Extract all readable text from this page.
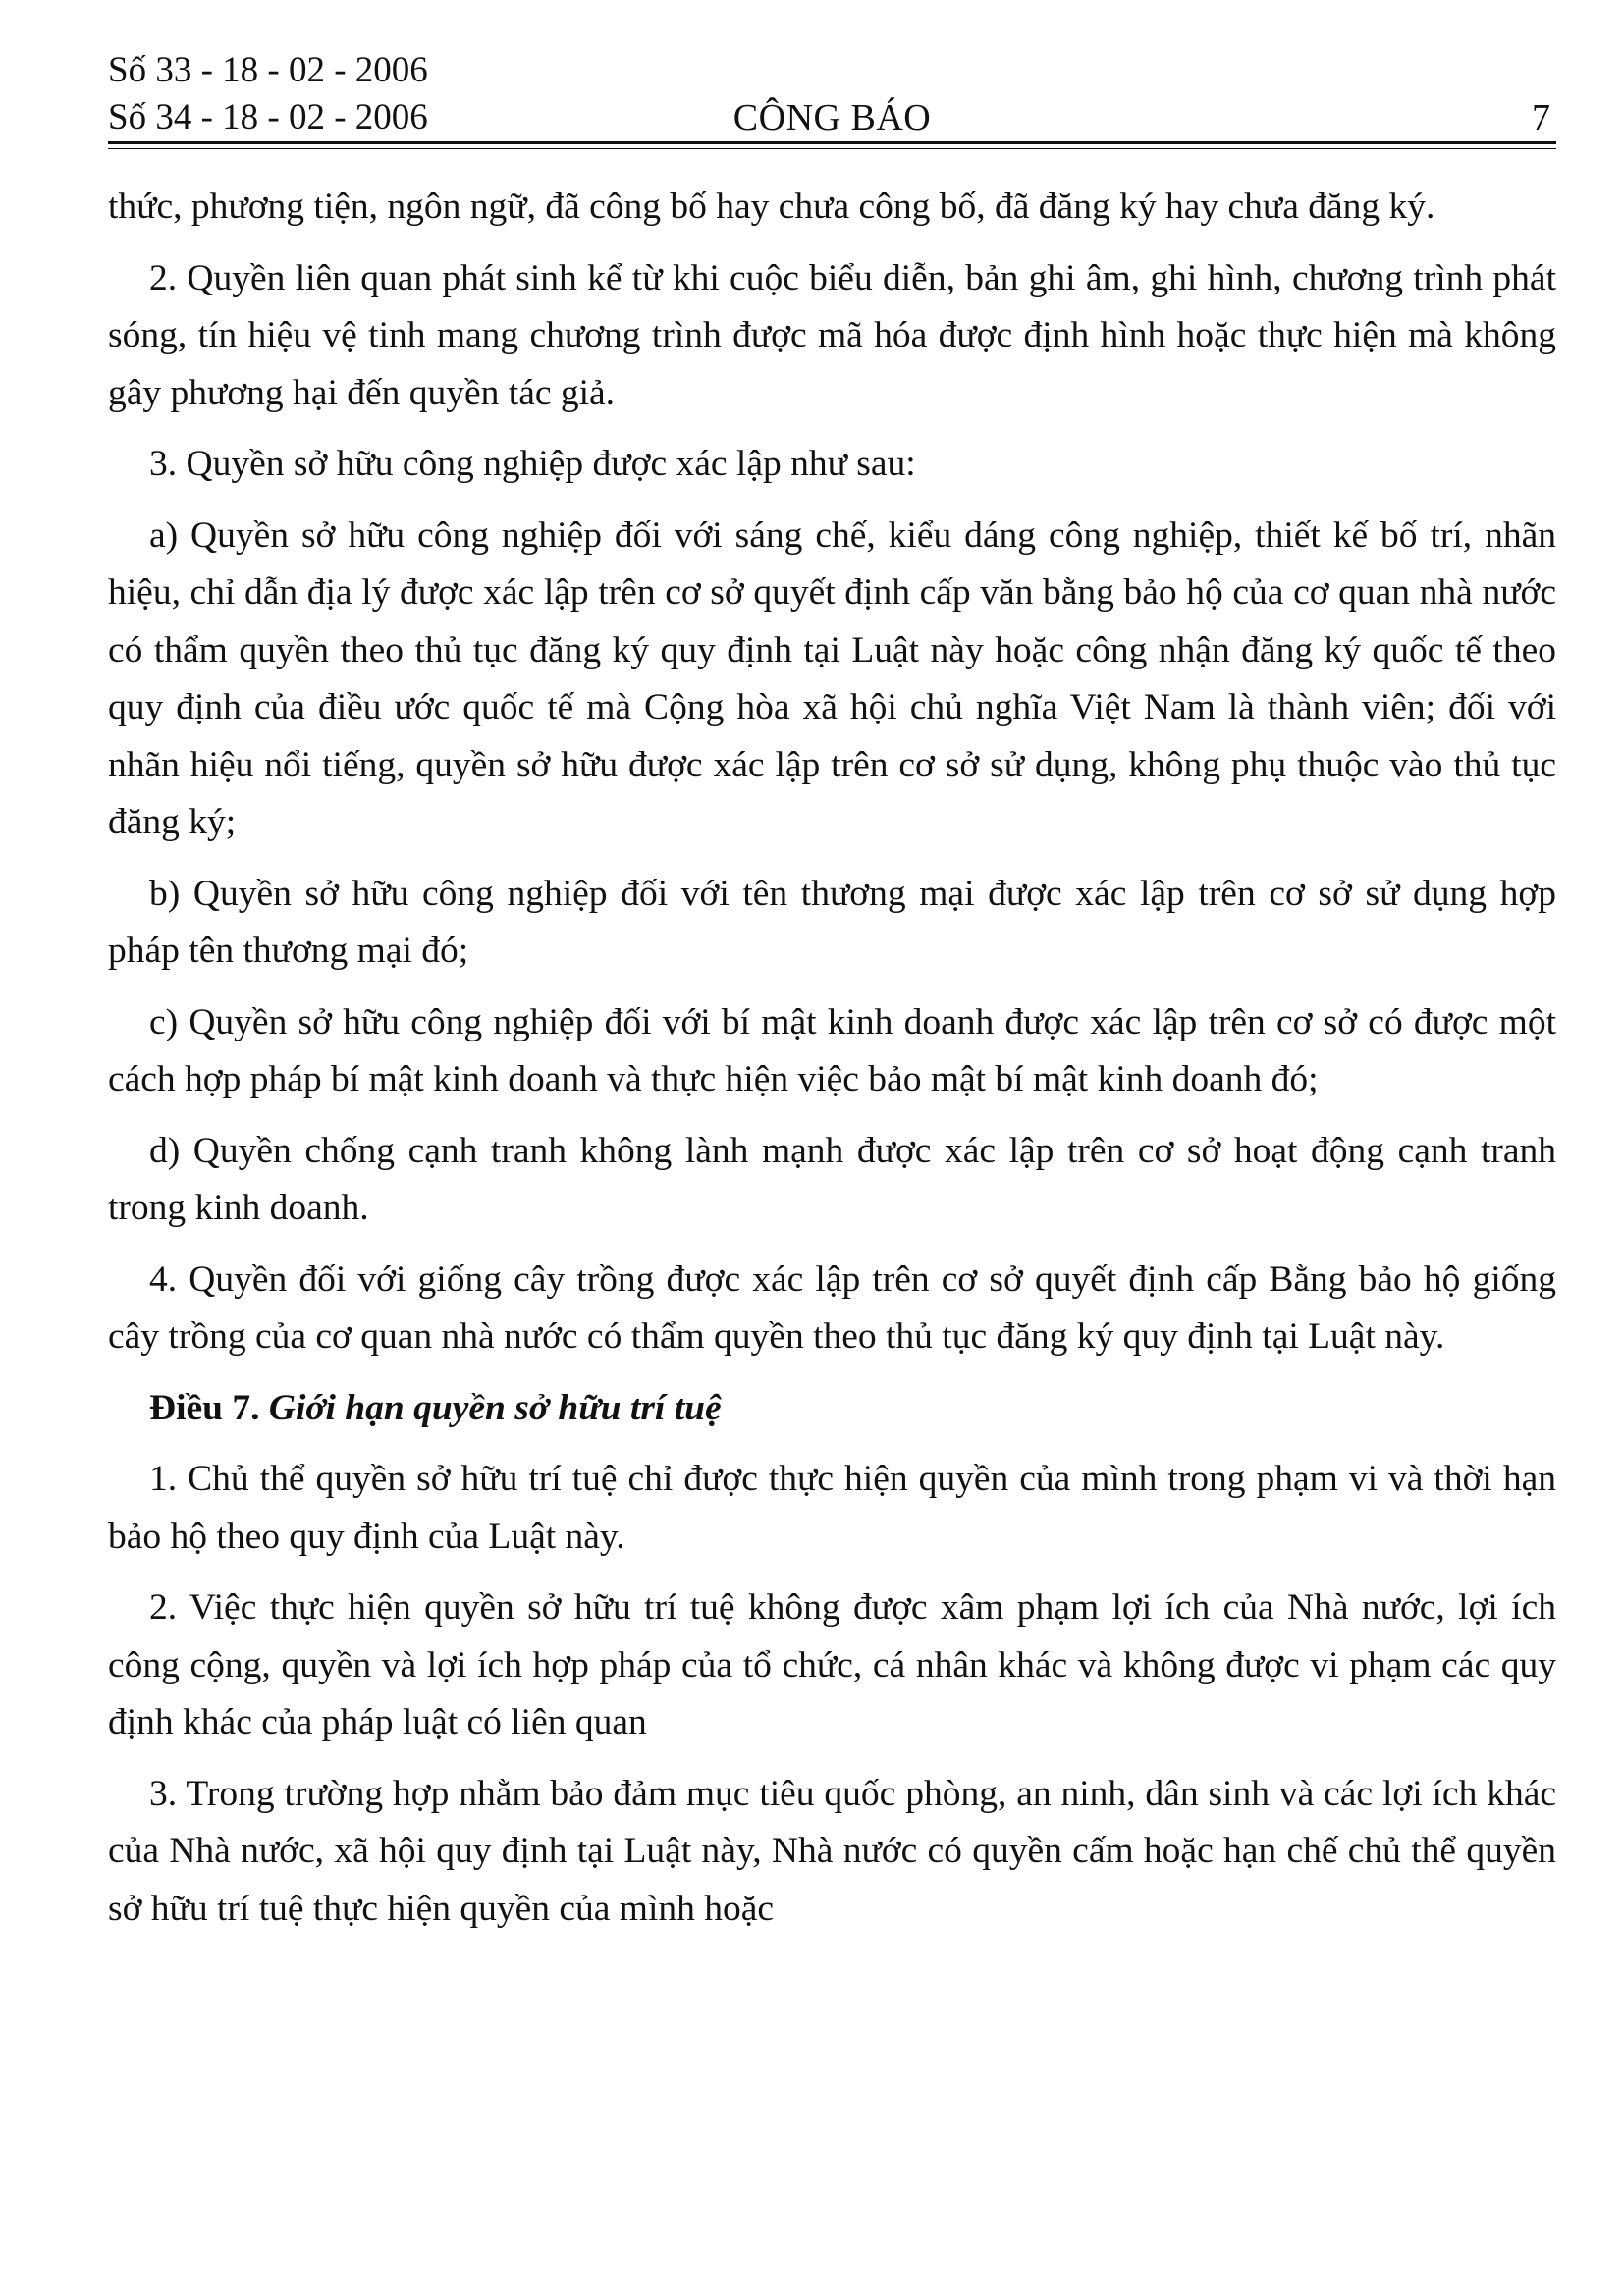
Số 33 - 18 - 02 - 2006
Số 34 - 18 - 02 - 2006	CÔNG BÁO	7

thức, phương tiện, ngôn ngữ, đã công bố hay chưa công bố, đã đăng ký hay chưa đăng ký.

2. Quyền liên quan phát sinh kể từ khi cuộc biểu diễn, bản ghi âm, ghi hình, chương trình phát sóng, tín hiệu vệ tinh mang chương trình được mã hóa được định hình hoặc thực hiện mà không gây phương hại đến quyền tác giả.

3. Quyền sở hữu công nghiệp được xác lập như sau:

a) Quyền sở hữu công nghiệp đối với sáng chế, kiểu dáng công nghiệp, thiết kế bố trí, nhãn hiệu, chỉ dẫn địa lý được xác lập trên cơ sở quyết định cấp văn bằng bảo hộ của cơ quan nhà nước có thẩm quyền theo thủ tục đăng ký quy định tại Luật này hoặc công nhận đăng ký quốc tế theo quy định của điều ước quốc tế mà Cộng hòa xã hội chủ nghĩa Việt Nam là thành viên; đối với nhãn hiệu nổi tiếng, quyền sở hữu được xác lập trên cơ sở sử dụng, không phụ thuộc vào thủ tục đăng ký;

b) Quyền sở hữu công nghiệp đối với tên thương mại được xác lập trên cơ sở sử dụng hợp pháp tên thương mại đó;

c) Quyền sở hữu công nghiệp đối với bí mật kinh doanh được xác lập trên cơ sở có được một cách hợp pháp bí mật kinh doanh và thực hiện việc bảo mật bí mật kinh doanh đó;

d) Quyền chống cạnh tranh không lành mạnh được xác lập trên cơ sở hoạt động cạnh tranh trong kinh doanh.

4. Quyền đối với giống cây trồng được xác lập trên cơ sở quyết định cấp Bằng bảo hộ giống cây trồng của cơ quan nhà nước có thẩm quyền theo thủ tục đăng ký quy định tại Luật này.

Điều 7. Giới hạn quyền sở hữu trí tuệ

1. Chủ thể quyền sở hữu trí tuệ chỉ được thực hiện quyền của mình trong phạm vi và thời hạn bảo hộ theo quy định của Luật này.

2. Việc thực hiện quyền sở hữu trí tuệ không được xâm phạm lợi ích của Nhà nước, lợi ích công cộng, quyền và lợi ích hợp pháp của tổ chức, cá nhân khác và không được vi phạm các quy định khác của pháp luật có liên quan

3. Trong trường hợp nhằm bảo đảm mục tiêu quốc phòng, an ninh, dân sinh và các lợi ích khác của Nhà nước, xã hội quy định tại Luật này, Nhà nước có quyền cấm hoặc hạn chế chủ thể quyền sở hữu trí tuệ thực hiện quyền của mình hoặc
